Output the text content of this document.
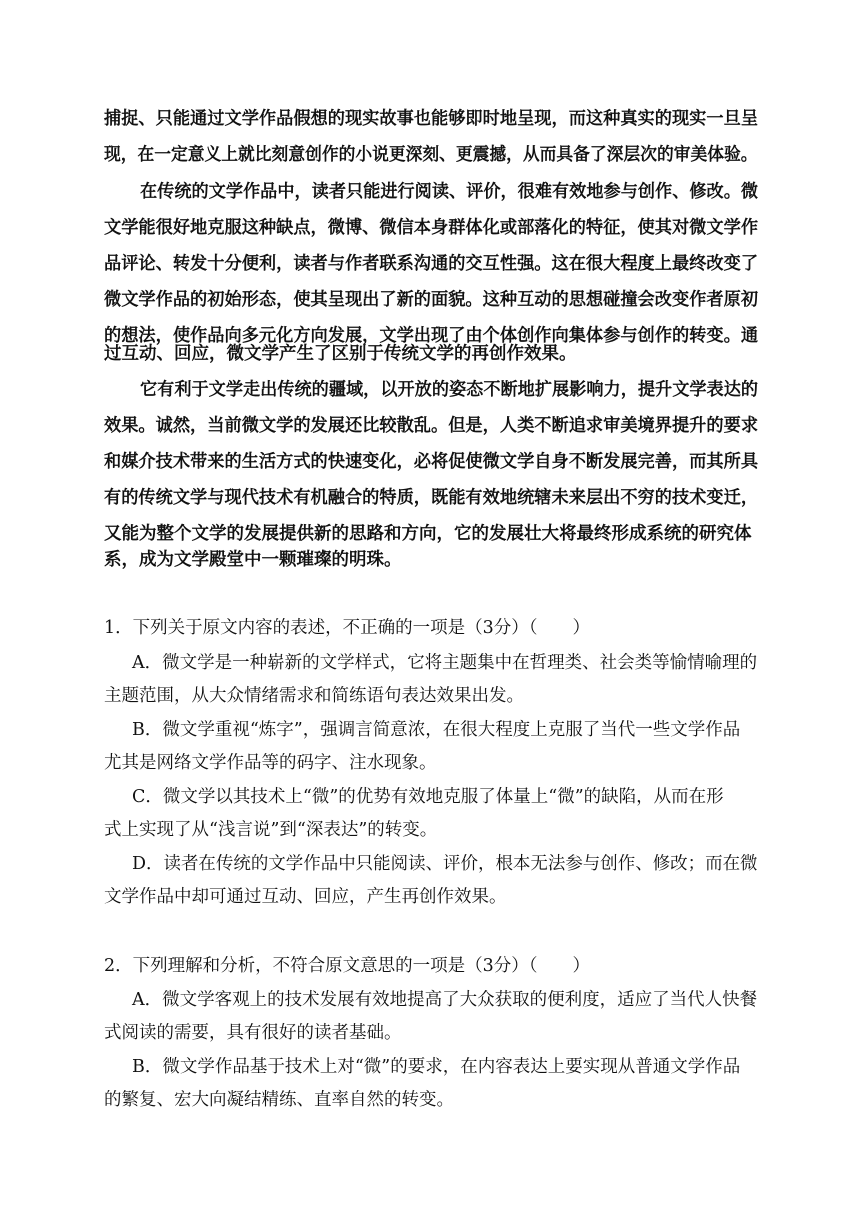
捕捉、只能通过文学作品假想的现实故事也能够即时地呈现，而这种真实的现实一旦呈
现，在一定意义上就比刻意创作的小说更深刻、更震撼，从而具备了深层次的审美体验。
在传统的文学作品中，读者只能进行阅读、评价，很难有效地参与创作、修改。微
文学能很好地克服这种缺点，微博、微信本身群体化或部落化的特征，使其对微文学作
品评论、转发十分便利，读者与作者联系沟通的交互性强。这在很大程度上最终改变了
微文学作品的初始形态，使其呈现出了新的面貌。这种互动的思想碰撞会改变作者原初
的想法，使作品向多元化方向发展，文学出现了由个体创作向集体参与创作的转变。通
过互动、回应，微文学产生了区别于传统文学的再创作效果。
它有利于文学走出传统的疆域，以开放的姿态不断地扩展影响力，提升文学表达的
效果。诚然，当前微文学的发展还比较散乱。但是，人类不断追求审美境界提升的要求
和媒介技术带来的生活方式的快速变化，必将促使微文学自身不断发展完善，而其所具
有的传统文学与现代技术有机融合的特质，既能有效地统辖未来层出不穷的技术变迁，
又能为整个文学的发展提供新的思路和方向，它的发展壮大将最终形成系统的研究体
系，成为文学殿堂中一颗璀璨的明珠。
1．下列关于原文内容的表述，不正确的一项是（3分）（　　）
A．微文学是一种崭新的文学样式，它将主题集中在哲理类、社会类等愉情喻理的
主题范围，从大众情绪需求和简练语句表达效果出发。
B．微文学重视“炼字”，强调言简意浓，在很大程度上克服了当代一些文学作品
尤其是网络文学作品等的码字、注水现象。
C．微文学以其技术上“微”的优势有效地克服了体量上“微”的缺陷，从而在形
式上实现了从“浅言说”到“深表达”的转变。
D．读者在传统的文学作品中只能阅读、评价，根本无法参与创作、修改；而在微
文学作品中却可通过互动、回应，产生再创作效果。
2．下列理解和分析，不符合原文意思的一项是（3分）（　　）
A．微文学客观上的技术发展有效地提高了大众获取的便利度，适应了当代人快餐
式阅读的需要，具有很好的读者基础。
B．微文学作品基于技术上对“微”的要求，在内容表达上要实现从普通文学作品
的繁复、宏大向凝结精练、直率自然的转变。
